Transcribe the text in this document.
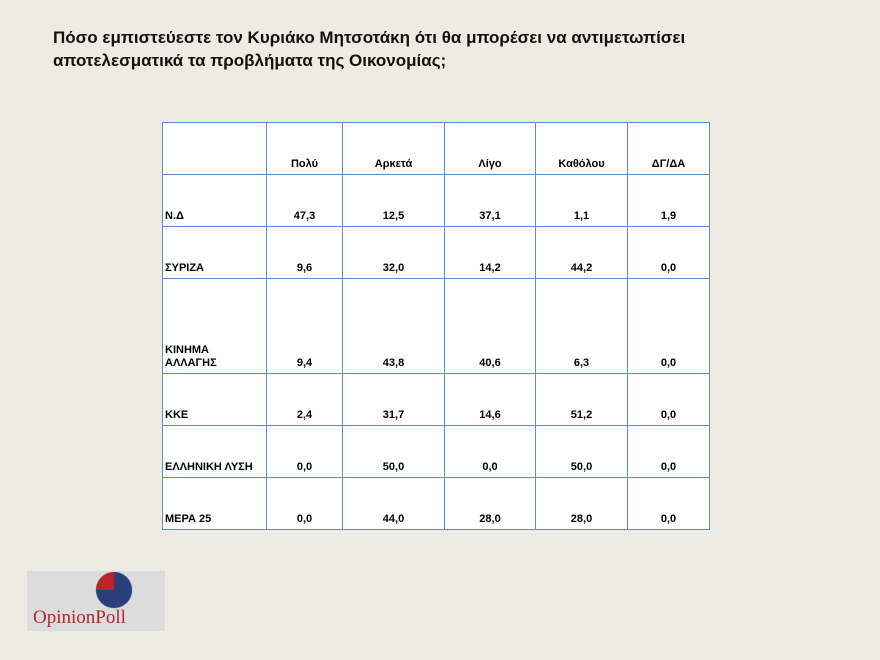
Πόσο εμπιστεύεστε τον Κυριάκο Μητσοτάκη ότι θα μπορέσει να αντιμετωπίσει
αποτελεσματικά τα προβλήματα της Οικονομίας;
	Πολύ	Αρκετά	Λίγο	Καθόλου	ΔΓ/ΔΑ
Ν.Δ	47,3	12,5	37,1	1,1	1,9
ΣΥΡΙΖΑ	9,6	32,0	14,2	44,2	0,0
ΚΙΝΗΜΑ ΑΛΛΑΓΗΣ	9,4	43,8	40,6	6,3	0,0
ΚΚΕ	2,4	31,7	14,6	51,2	0,0
ΕΛΛΗΝΙΚΗ ΛΥΣΗ	0,0	50,0	0,0	50,0	0,0
ΜΕΡΑ 25	0,0	44,0	28,0	28,0	0,0
OpinionPoll
